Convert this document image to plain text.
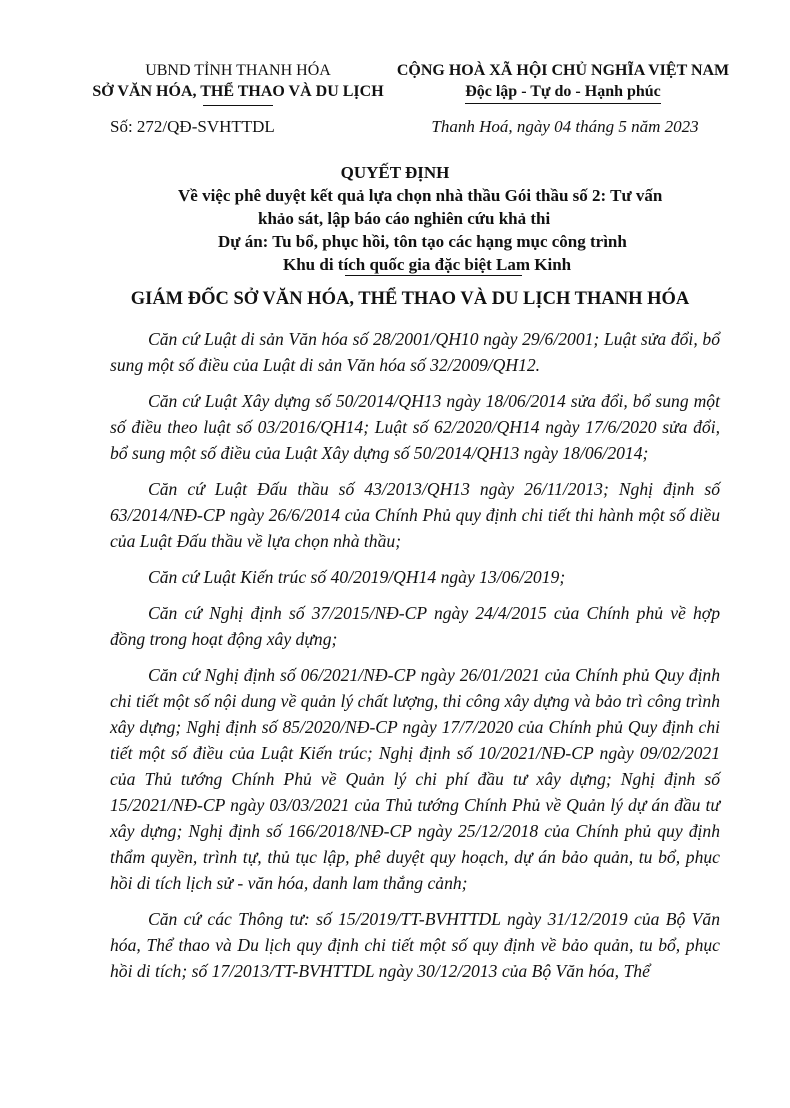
UBND TỈNH THANH HÓA
SỞ VĂN HÓA, THỂ THAO VÀ DU LỊCH
CỘNG HOÀ XÃ HỘI CHỦ NGHĨA VIỆT NAM
Độc lập - Tự do - Hạnh phúc
Số: 272/QĐ-SVHTTDL	Thanh Hoá, ngày 04 tháng 5 năm 2023
QUYẾT ĐỊNH
Về việc phê duyệt kết quả lựa chọn nhà thầu Gói thầu số 2: Tư vấn
khảo sát, lập báo cáo nghiên cứu khả thi
Dự án: Tu bổ, phục hồi, tôn tạo các hạng mục công trình
Khu di tích quốc gia đặc biệt Lam Kinh
GIÁM ĐỐC SỞ VĂN HÓA, THỂ THAO VÀ DU LỊCH THANH HÓA

Căn cứ Luật di sản Văn hóa số 28/2001/QH10 ngày 29/6/2001; Luật sửa đổi, bổ sung một số điều của Luật di sản Văn hóa số 32/2009/QH12.

Căn cứ Luật Xây dựng số 50/2014/QH13 ngày 18/06/2014 sửa đổi, bổ sung một số điều theo luật số 03/2016/QH14; Luật số 62/2020/QH14 ngày 17/6/2020 sửa đổi, bổ sung một số điều của Luật Xây dựng số 50/2014/QH13 ngày 18/06/2014;

Căn cứ Luật Đấu thầu số 43/2013/QH13 ngày 26/11/2013; Nghị định số 63/2014/NĐ-CP ngày 26/6/2014 của Chính Phủ quy định chi tiết thi hành một số diều của Luật Đấu thầu về lựa chọn nhà thầu;

Căn cứ Luật Kiến trúc số 40/2019/QH14 ngày 13/06/2019;

Căn cứ Nghị định số 37/2015/NĐ-CP ngày 24/4/2015 của Chính phủ về hợp đồng trong hoạt động xây dựng;

Căn cứ Nghị định số 06/2021/NĐ-CP ngày 26/01/2021 của Chính phủ Quy định chi tiết một số nội dung về quản lý chất lượng, thi công xây dựng và bảo trì công trình xây dựng; Nghị định số 85/2020/NĐ-CP ngày 17/7/2020 của Chính phủ Quy định chi tiết một số điều của Luật Kiến trúc; Nghị định số 10/2021/NĐ-CP ngày 09/02/2021 của Thủ tướng Chính Phủ về Quản lý chi phí đầu tư xây dựng; Nghị định số 15/2021/NĐ-CP ngày 03/03/2021 của Thủ tướng Chính Phủ về Quản lý dự án đầu tư xây dựng; Nghị định số 166/2018/NĐ-CP ngày 25/12/2018 của Chính phủ quy định thẩm quyền, trình tự, thủ tục lập, phê duyệt quy hoạch, dự án bảo quản, tu bổ, phục hồi di tích lịch sử - văn hóa, danh lam thắng cảnh;

Căn cứ các Thông tư: số 15/2019/TT-BVHTTDL ngày 31/12/2019 của Bộ Văn hóa, Thể thao và Du lịch quy định chi tiết một số quy định về bảo quản, tu bổ, phục hồi di tích; số 17/2013/TT-BVHTTDL ngày 30/12/2013 của Bộ Văn hóa, Thể
